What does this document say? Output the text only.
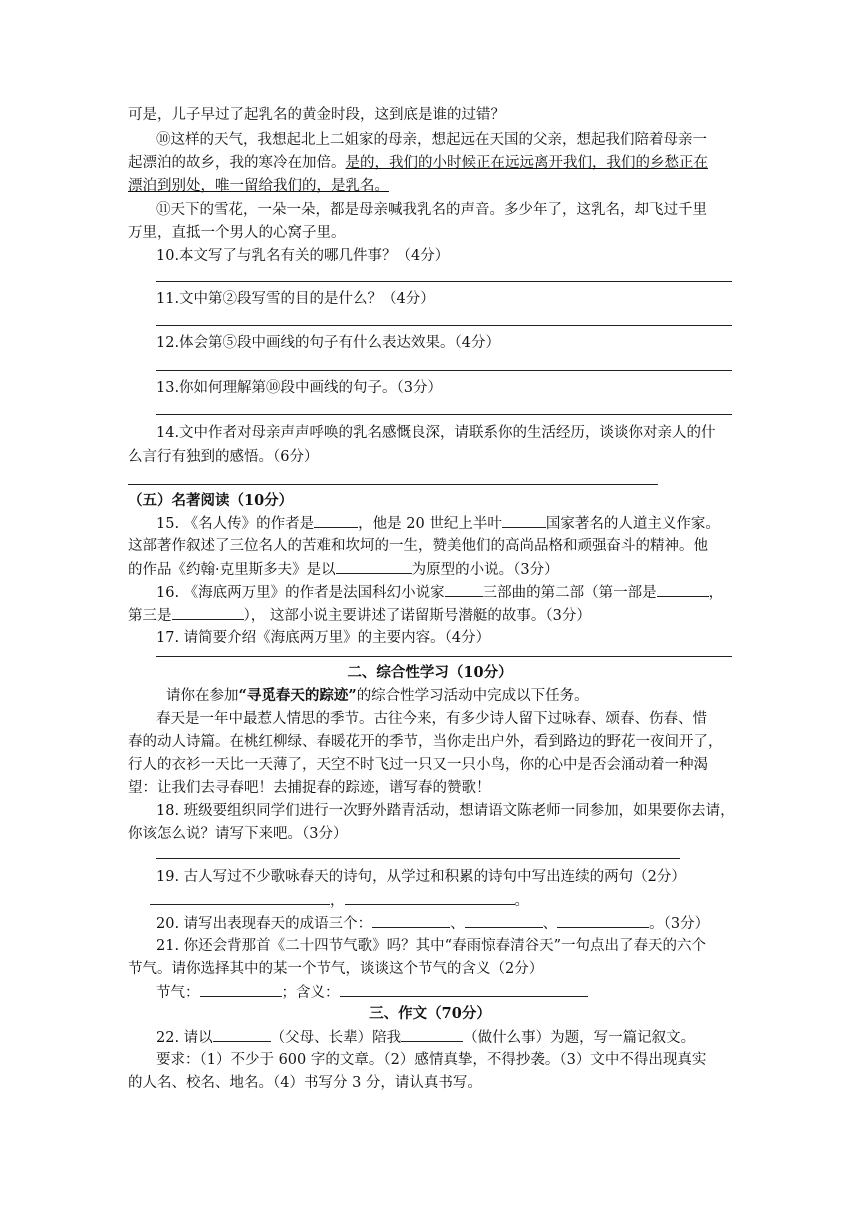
可是，儿子早过了起乳名的黄金时段，这到底是谁的过错？
⑩这样的天气，我想起北上二姐家的母亲，想起远在天国的父亲，想起我们陪着母亲一
起漂泊的故乡，我的寒冷在加倍。是的，我们的小时候正在远远离开我们，我们的乡愁正在
漂泊到别处，唯一留给我们的，是乳名。
⑪天下的雪花，一朵一朵，都是母亲喊我乳名的声音。多少年了，这乳名，却飞过千里
万里，直抵一个男人的心窝子里。
10.本文写了与乳名有关的哪几件事？（4分）
11.文中第②段写雪的目的是什么？（4分）
12.体会第⑤段中画线的句子有什么表达效果。（4分）
13.你如何理解第⑩段中画线的句子。（3分）
14.文中作者对母亲声声呼唤的乳名感慨良深，请联系你的生活经历，谈谈你对亲人的什
么言行有独到的感悟。（6分）
（五）名著阅读（10分）
15. 《名人传》的作者是	，他是 20 世纪上半叶	国家著名的人道主义作家。
这部著作叙述了三位名人的苦难和坎坷的一生，赞美他们的高尚品格和顽强奋斗的精神。他
的作品《约翰·克里斯多夫》是以	为原型的小说。（3分）
16. 《海底两万里》的作者是法国科幻小说家	三部曲的第二部（第一部是	，
第三是	）， 这部小说主要讲述了诺留斯号潜艇的故事。（3分）
17. 请简要介绍《海底两万里》的主要内容。（4分）
二、综合性学习（10分）
请你在参加“寻觅春天的踪迹”的综合性学习活动中完成以下任务。
春天是一年中最惹人情思的季节。古往今来，有多少诗人留下过咏春、颂春、伤春、惜
春的动人诗篇。在桃红柳绿、春暖花开的季节，当你走出户外，看到路边的野花一夜间开了，
行人的衣衫一天比一天薄了，天空不时飞过一只又一只小鸟，你的心中是否会涌动着一种渴
望：让我们去寻春吧！去捕捉春的踪迹，谱写春的赞歌！
18. 班级要组织同学们进行一次野外踏青活动，想请语文陈老师一同参加，如果要你去请，
你该怎么说？请写下来吧。（3分）
19. 古人写过不少歌咏春天的诗句，从学过和积累的诗句中写出连续的两句（2分）
，	。
20. 请写出表现春天的成语三个：	、	、	。（3分）
21. 你还会背那首《二十四节气歌》吗？其中“春雨惊春清谷天”一句点出了春天的六个
节气。请你选择其中的某一个节气，谈谈这个节气的含义（2分）
节气：	；含义：
三、作文（70分）
22. 请以	（父母、长辈）陪我	（做什么事）为题，写一篇记叙文。
要求：（1）不少于 600 字的文章。（2）感情真挚，不得抄袭。（3）文中不得出现真实
的人名、校名、地名。（4）书写分 3 分，请认真书写。
